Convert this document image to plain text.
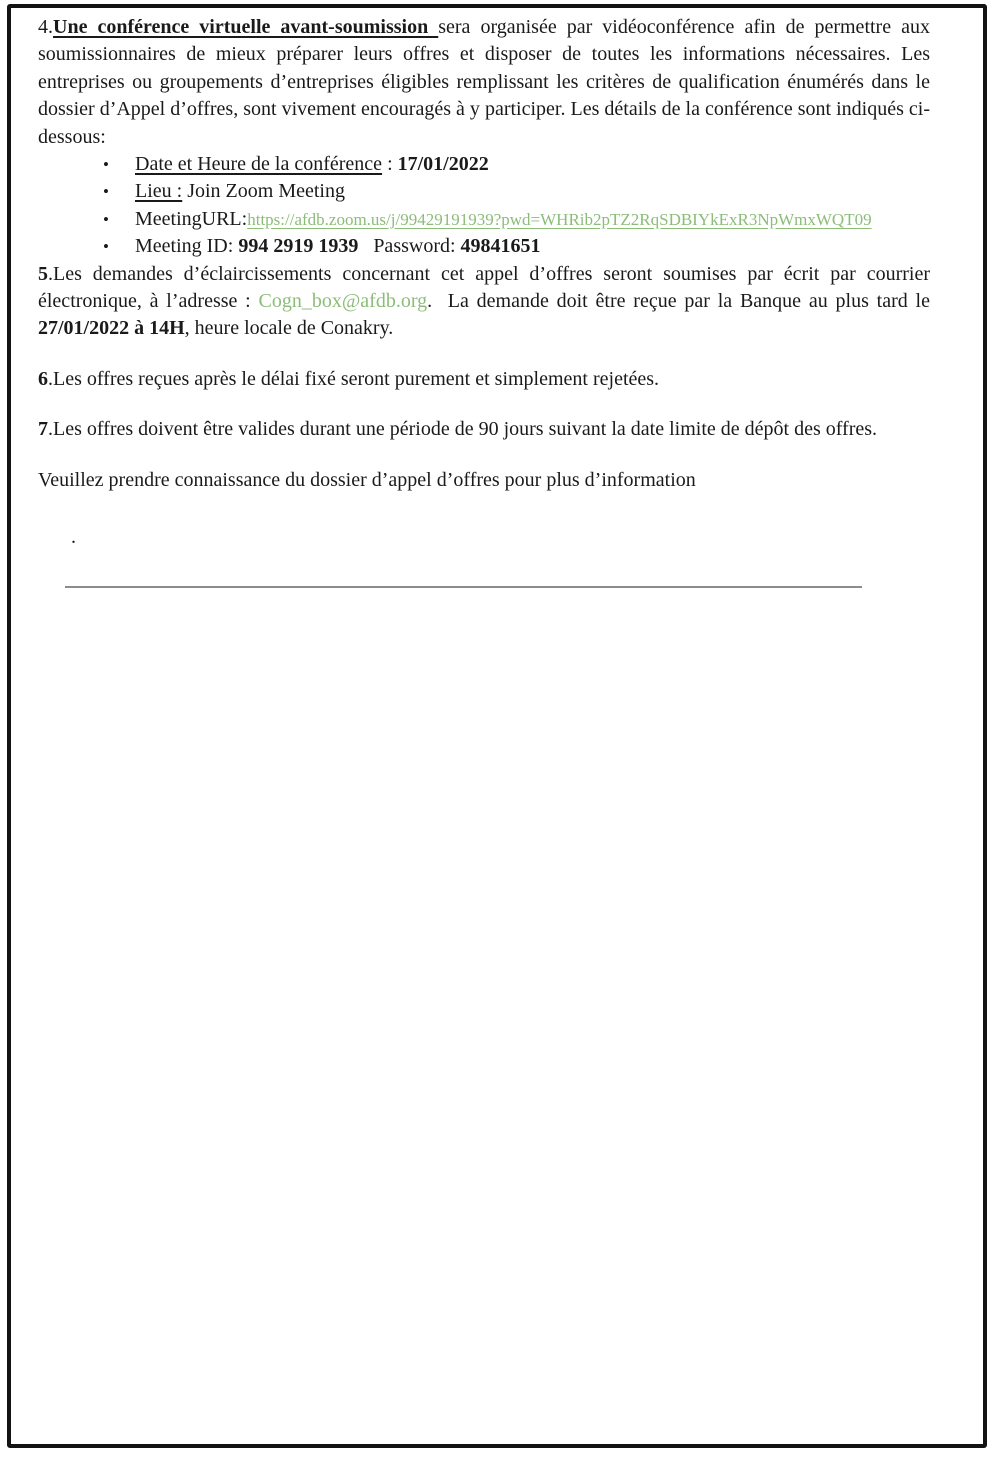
4.Une conférence virtuelle avant-soumission sera organisée par vidéoconférence afin de permettre aux soumissionnaires de mieux préparer leurs offres et disposer de toutes les informations nécessaires. Les entreprises ou groupements d’entreprises éligibles remplissant les critères de qualification énumérés dans le dossier d’Appel d’offres, sont vivement encouragés à y participer. Les détails de la conférence sont indiqués ci-dessous:

•	Date et Heure de la conférence : 17/01/2022
•	Lieu : Join Zoom Meeting
•	MeetingURL:https://afdb.zoom.us/j/99429191939?pwd=WHRib2pTZ2RqSDBIYkExR3NpWmxWQT09
•	Meeting ID: 994 2919 1939   Password: 49841651

5.Les demandes d’éclaircissements concernant cet appel d’offres seront soumises par écrit par courrier électronique, à l’adresse : Cogn_box@afdb.org.  La demande doit être reçue par la Banque au plus tard le 27/01/2022 à 14H, heure locale de Conakry.

6.Les offres reçues après le délai fixé seront purement et simplement rejetées.

7.Les offres doivent être valides durant une période de 90 jours suivant la date limite de dépôt des offres.

Veuillez prendre connaissance du dossier d’appel d’offres pour plus d’information

.
